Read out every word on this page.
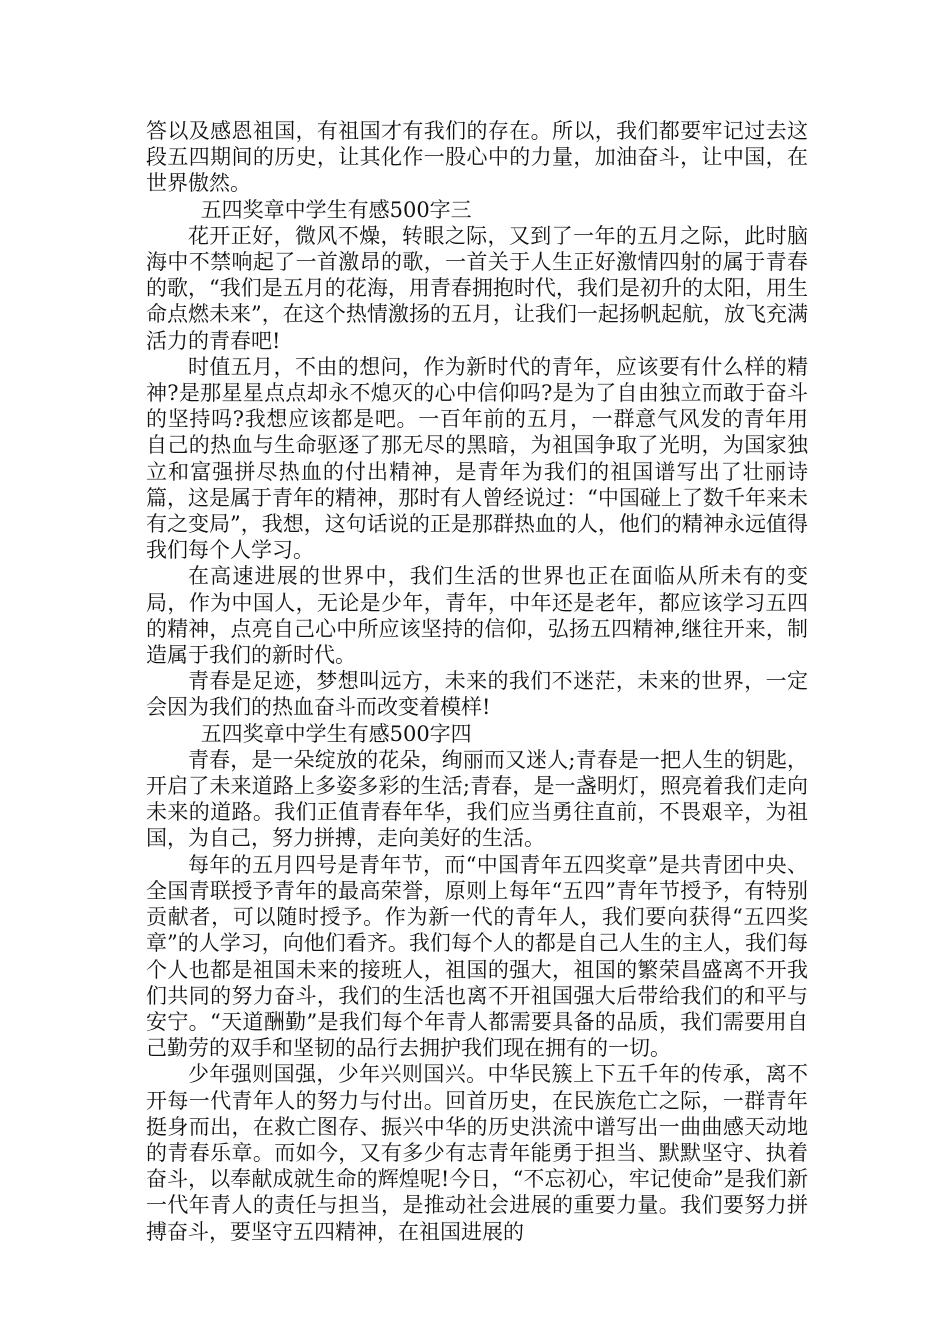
答以及感恩祖国，有祖国才有我们的存在。所以，我们都要牢记过去这段五四期间的历史，让其化作一股心中的力量，加油奋斗，让中国，在世界傲然。

五四奖章中学生有感500字三

花开正好，微风不燥，转眼之际，又到了一年的五月之际，此时脑海中不禁响起了一首激昂的歌，一首关于人生正好激情四射的属于青春的歌，“我们是五月的花海，用青春拥抱时代，我们是初升的太阳，用生命点燃未来”，在这个热情激扬的五月，让我们一起扬帆起航，放飞充满活力的青春吧!

时值五月，不由的想问，作为新时代的青年，应该要有什么样的精神?是那星星点点却永不熄灭的心中信仰吗?是为了自由独立而敢于奋斗的坚持吗?我想应该都是吧。一百年前的五月，一群意气风发的青年用自己的热血与生命驱逐了那无尽的黑暗，为祖国争取了光明，为国家独立和富强拼尽热血的付出精神，是青年为我们的祖国谱写出了壮丽诗篇，这是属于青年的精神，那时有人曾经说过：“中国碰上了数千年来未有之变局”，我想，这句话说的正是那群热血的人，他们的精神永远值得我们每个人学习。

在高速进展的世界中，我们生活的世界也正在面临从所未有的变局，作为中国人，无论是少年，青年，中年还是老年，都应该学习五四的精神，点亮自己心中所应该坚持的信仰，弘扬五四精神,继往开来，制造属于我们的新时代。

青春是足迹，梦想叫远方，未来的我们不迷茫，未来的世界，一定会因为我们的热血奋斗而改变着模样!

五四奖章中学生有感500字四

青春，是一朵绽放的花朵，绚丽而又迷人;青春是一把人生的钥匙，开启了未来道路上多姿多彩的生活;青春，是一盏明灯，照亮着我们走向未来的道路。我们正值青春年华，我们应当勇往直前，不畏艰辛，为祖国，为自己，努力拼搏，走向美好的生活。

每年的五月四号是青年节，而“中国青年五四奖章”是共青团中央、全国青联授予青年的最高荣誉，原则上每年“五四”青年节授予，有特别贡献者，可以随时授予。作为新一代的青年人，我们要向获得“五四奖章”的人学习，向他们看齐。我们每个人的都是自己人生的主人，我们每个人也都是祖国未来的接班人，祖国的强大，祖国的繁荣昌盛离不开我们共同的努力奋斗，我们的生活也离不开祖国强大后带给我们的和平与安宁。“天道酬勤”是我们每个年青人都需要具备的品质，我们需要用自己勤劳的双手和坚韧的品行去拥护我们现在拥有的一切。

少年强则国强，少年兴则国兴。中华民簇上下五千年的传承，离不开每一代青年人的努力与付出。回首历史，在民族危亡之际，一群青年挺身而出，在救亡图存、振兴中华的历史洪流中谱写出一曲曲感天动地的青春乐章。而如今，又有多少有志青年能勇于担当、默默坚守、执着奋斗，以奉献成就生命的辉煌呢!今日，“不忘初心，牢记使命”是我们新一代年青人的责任与担当，是推动社会进展的重要力量。我们要努力拼搏奋斗，要坚守五四精神，在祖国进展的
